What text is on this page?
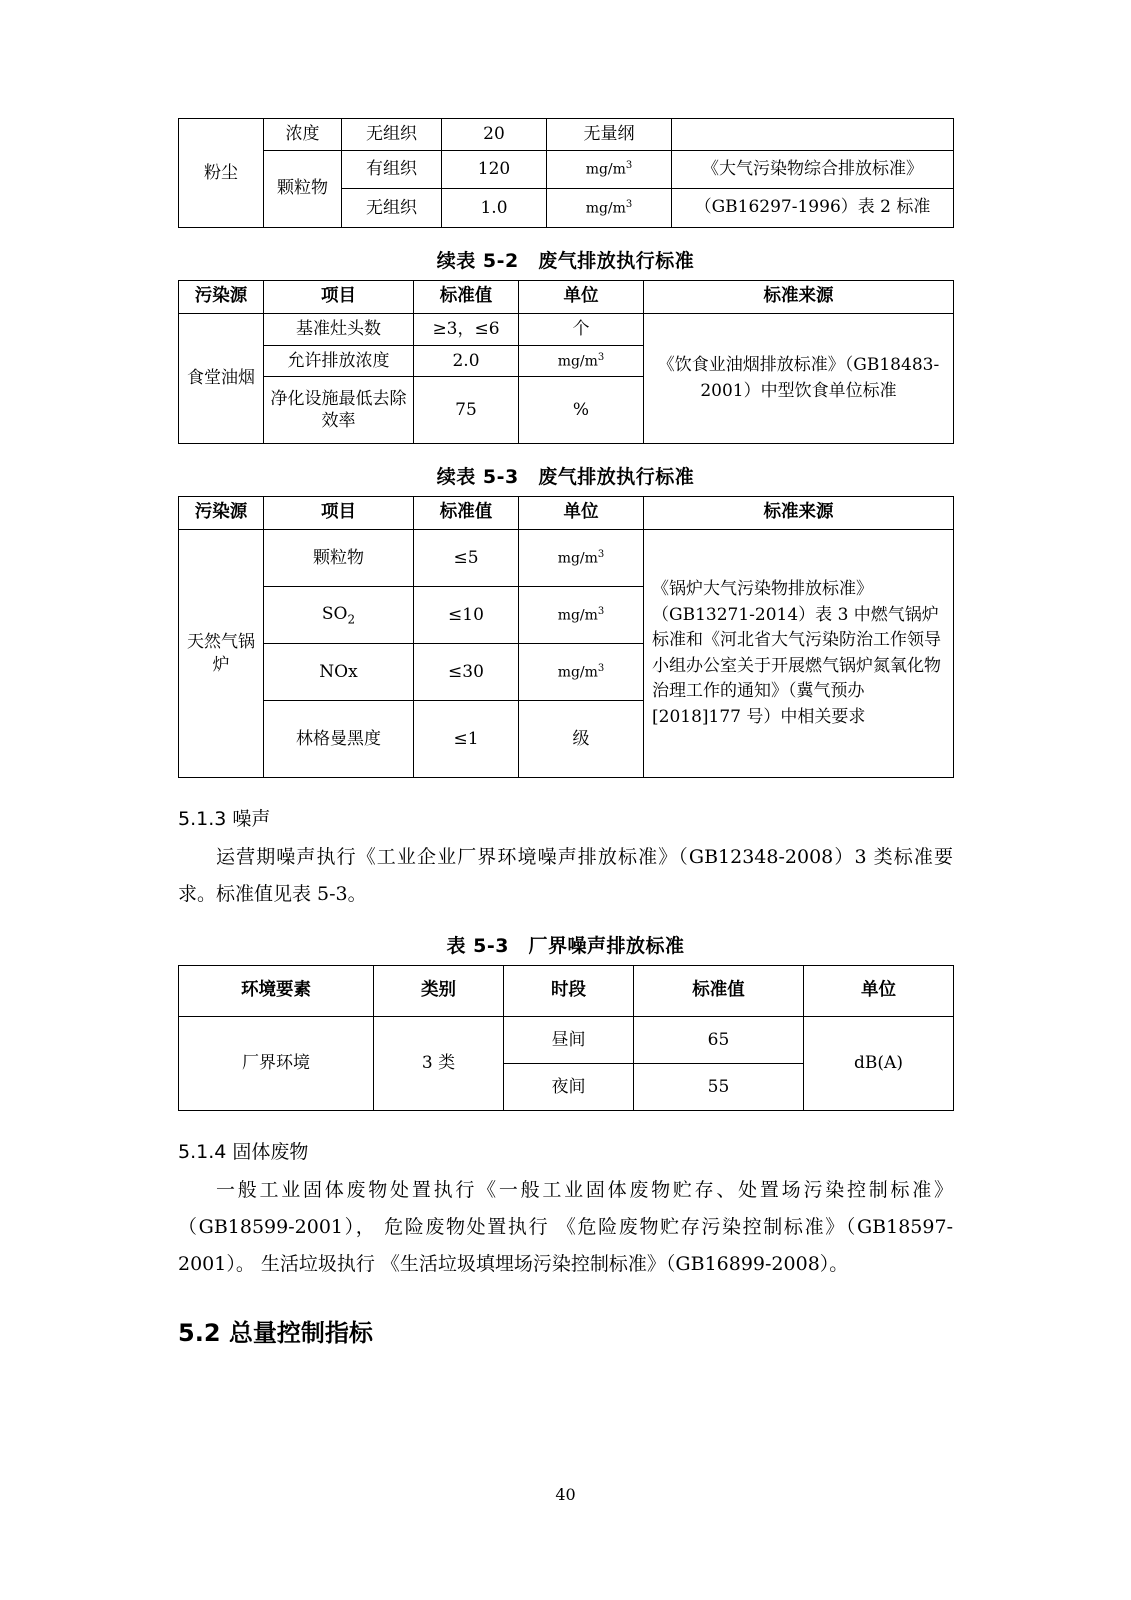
粉尘	浓度	无组织	20	无量纲	
	颗粒物	有组织	120	$mg/m^3$	《大气污染物综合排放标准》
		无组织	1.0	$mg/m^3$	（GB16297-1996）表 2 标准
续表 5-2　废气排放执行标准
污染源	项目	标准值	单位	标准来源
食堂油烟	基准灶头数	≥3，≤6	个	《饮食业油烟排放标准》（GB18483-2001）中型饮食单位标准
	允许排放浓度	2.0	$mg/m^3$
	净化设施最低去除效率	75	%	
续表 5-3　废气排放执行标准
污染源	项目	标准值	单位	标准来源
天然气锅炉	颗粒物	≤5	$mg/m^3$	《锅炉大气污染物排放标准》（GB13271-2014）表 3 中燃气锅炉标准和《河北省大气污染防治工作领导小组办公室关于开展燃气锅炉氮氧化物治理工作的通知》（冀气预办[2018]177 号）中相关要求
	$SO_2$	≤10	$mg/m^3$
	NOx	≤30	$mg/m^3$
	林格曼黑度	≤1	级	
5.1.3 噪声

运营期噪声执行《工业企业厂界环境噪声排放标准》（GB12348-2008）3 类标准要求。标准值见表 5-3。

表 5-3　厂界噪声排放标准
环境要素	类别	时段	标准值	单位
厂界环境	3 类	昼间	65	dB(A)
		夜间	55	
5.1.4 固体废物

一般工业固体废物处置执行《一般工业固体废物贮存、处置场污染控制标准》（GB18599-2001）， 危险废物处置执行 《危险废物贮存污染控制标准》（GB18597-2001）。 生活垃圾执行 《生活垃圾填埋场污染控制标准》（GB16899-2008）。

5.2 总量控制指标
40
